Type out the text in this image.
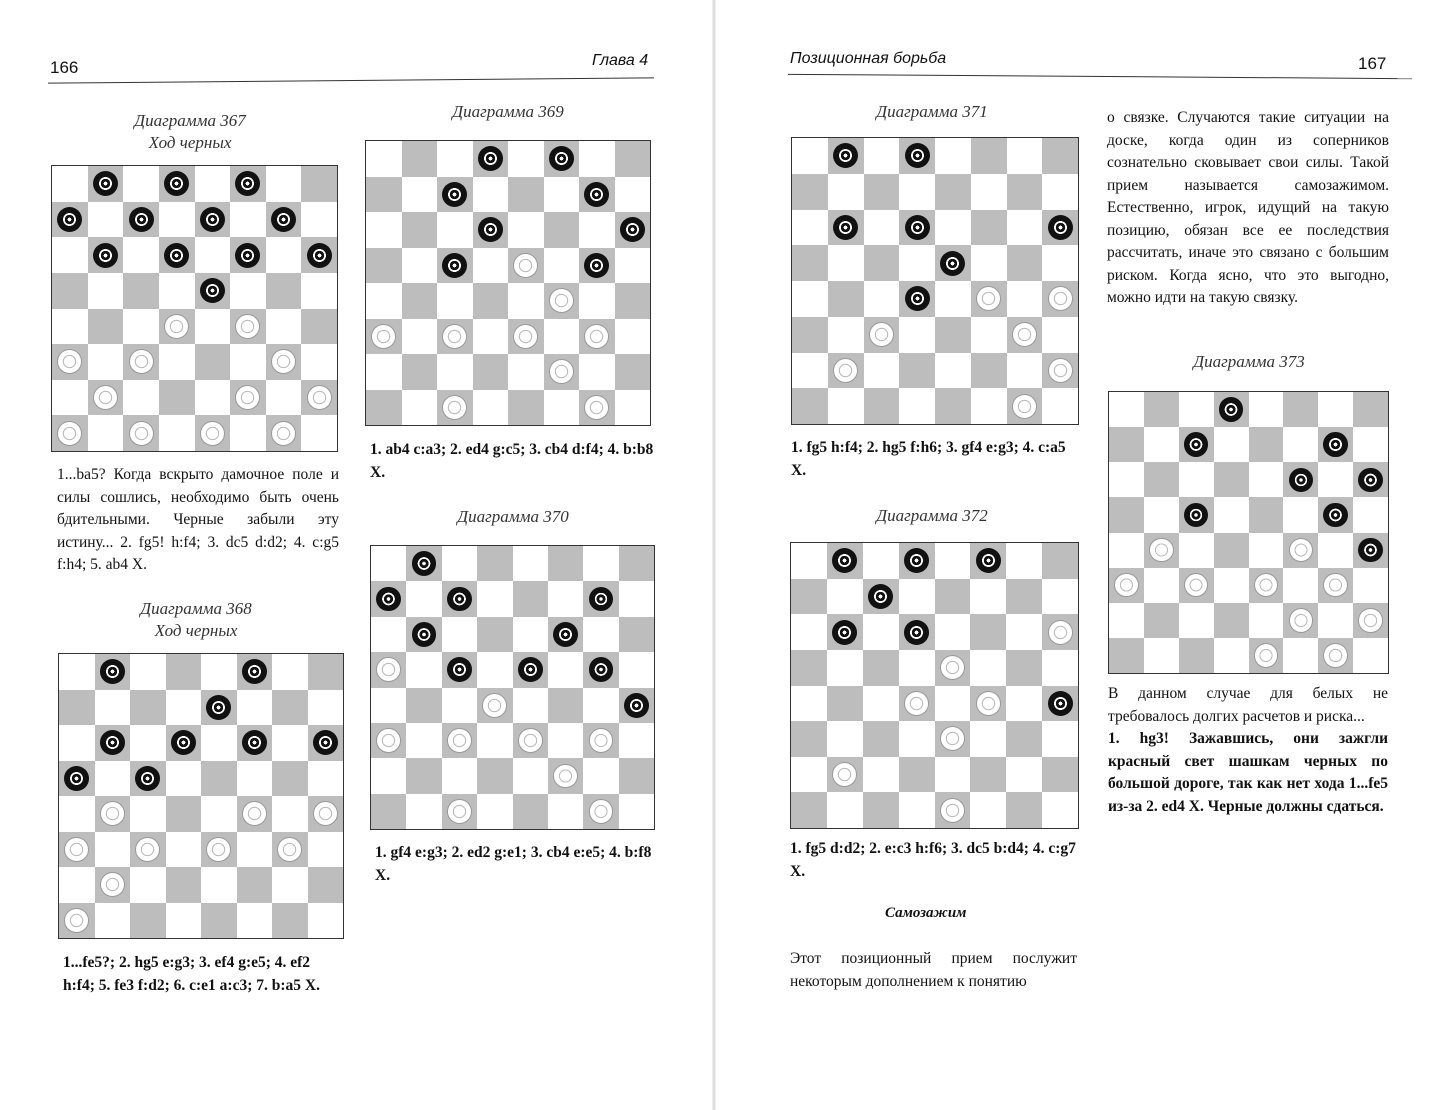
166	Глава 4
Диаграмма 367
Ход черных
1...ba5? Когда вскрыто дамочное поле и силы сошлись, необходимо быть очень бдительными. Черные забыли эту истину... 2. fg5! h:f4; 3. dc5 d:d2; 4. c:g5 f:h4; 5. ab4 X.
Диаграмма 368
Ход черных
1...fe5?; 2. hg5 e:g3; 3. ef4 g:e5; 4. ef2 h:f4; 5. fe3 f:d2; 6. c:e1 a:c3; 7. b:a5 X.
Диаграмма 369
1. ab4 c:a3; 2. ed4 g:c5; 3. cb4 d:f4; 4. b:b8 X.
Диаграмма 370
1. gf4 e:g3; 2. ed2 g:e1; 3. cb4 e:e5; 4. b:f8 X.
Позиционная борьба	167
Диаграмма 371
1. fg5 h:f4; 2. hg5 f:h6; 3. gf4 e:g3; 4. c:a5 X.
Диаграмма 372
1. fg5 d:d2; 2. e:c3 h:f6; 3. dc5 b:d4; 4. c:g7 X.
Самозажим
Этот позиционный прием послужит некоторым дополнением к понятию
о связке. Случаются такие ситуации на доске, когда один из соперников сознательно сковывает свои силы. Такой прием называется самозажимом. Естественно, игрок, идущий на такую позицию, обязан все ее последствия рассчитать, иначе это связано с большим риском. Когда ясно, что это выгодно, можно идти на такую связку.
Диаграмма 373
В данном случае для белых не требовалось долгих расчетов и риска...
1. hg3! Зажавшись, они зажгли красный свет шашкам черных по большой дороге, так как нет хода 1...fe5 из-за 2. ed4 X. Черные должны сдаться.
